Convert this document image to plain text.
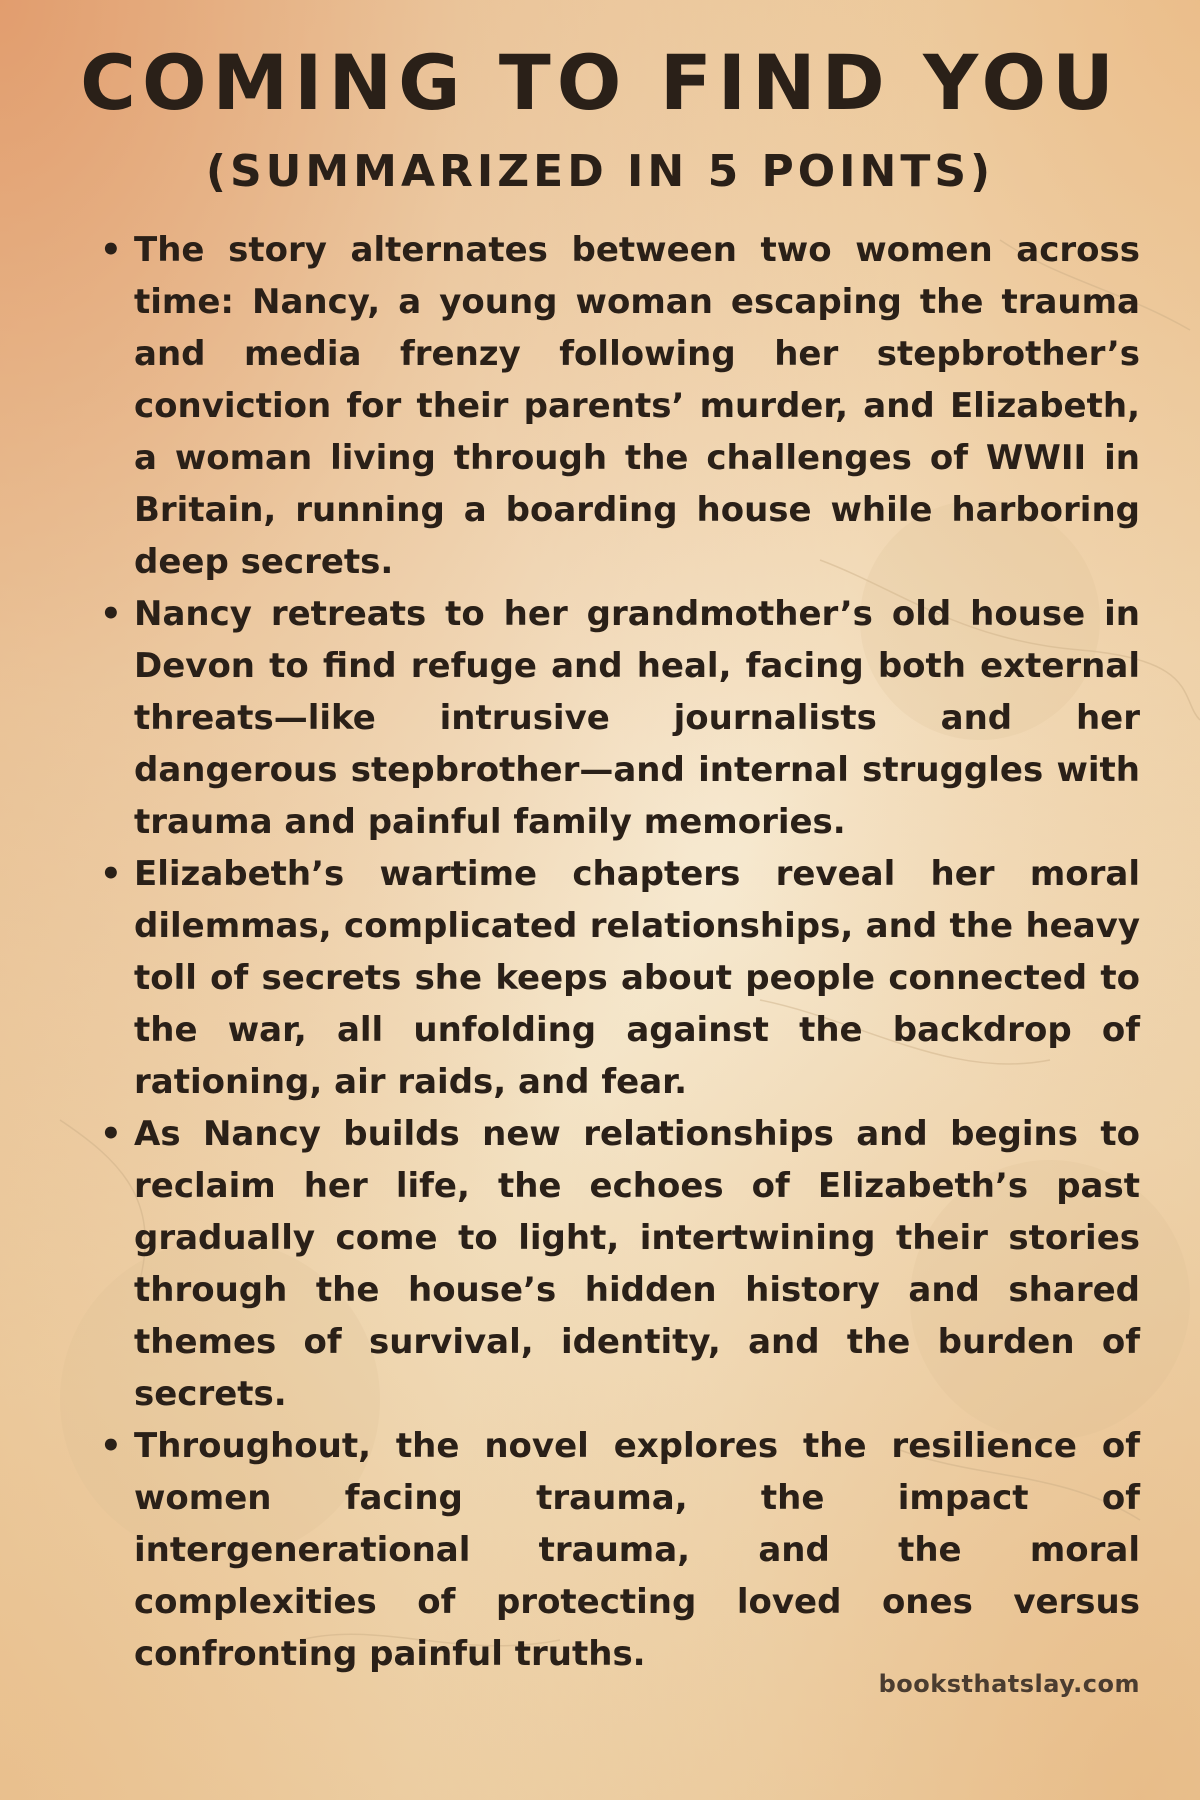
COMING TO FIND YOU
(SUMMARIZED IN 5 POINTS)
• The story alternates between two women across time: Nancy, a young woman escaping the trauma and media frenzy following her stepbrother’s conviction for their parents’ murder, and Elizabeth, a woman living through the challenges of WWII in Britain, running a boarding house while harboring deep secrets.
• Nancy retreats to her grandmother’s old house in Devon to find refuge and heal, facing both external threats—like intrusive journalists and her dangerous stepbrother—and internal struggles with trauma and painful family memories.
• Elizabeth’s wartime chapters reveal her moral dilemmas, complicated relationships, and the heavy toll of secrets she keeps about people connected to the war, all unfolding against the backdrop of rationing, air raids, and fear.
• As Nancy builds new relationships and begins to reclaim her life, the echoes of Elizabeth’s past gradually come to light, intertwining their stories through the house’s hidden history and shared themes of survival, identity, and the burden of secrets.
• Throughout, the novel explores the resilience of women facing trauma, the impact of intergenerational trauma, and the moral complexities of protecting loved ones versus confronting painful truths.
booksthatslay.com
